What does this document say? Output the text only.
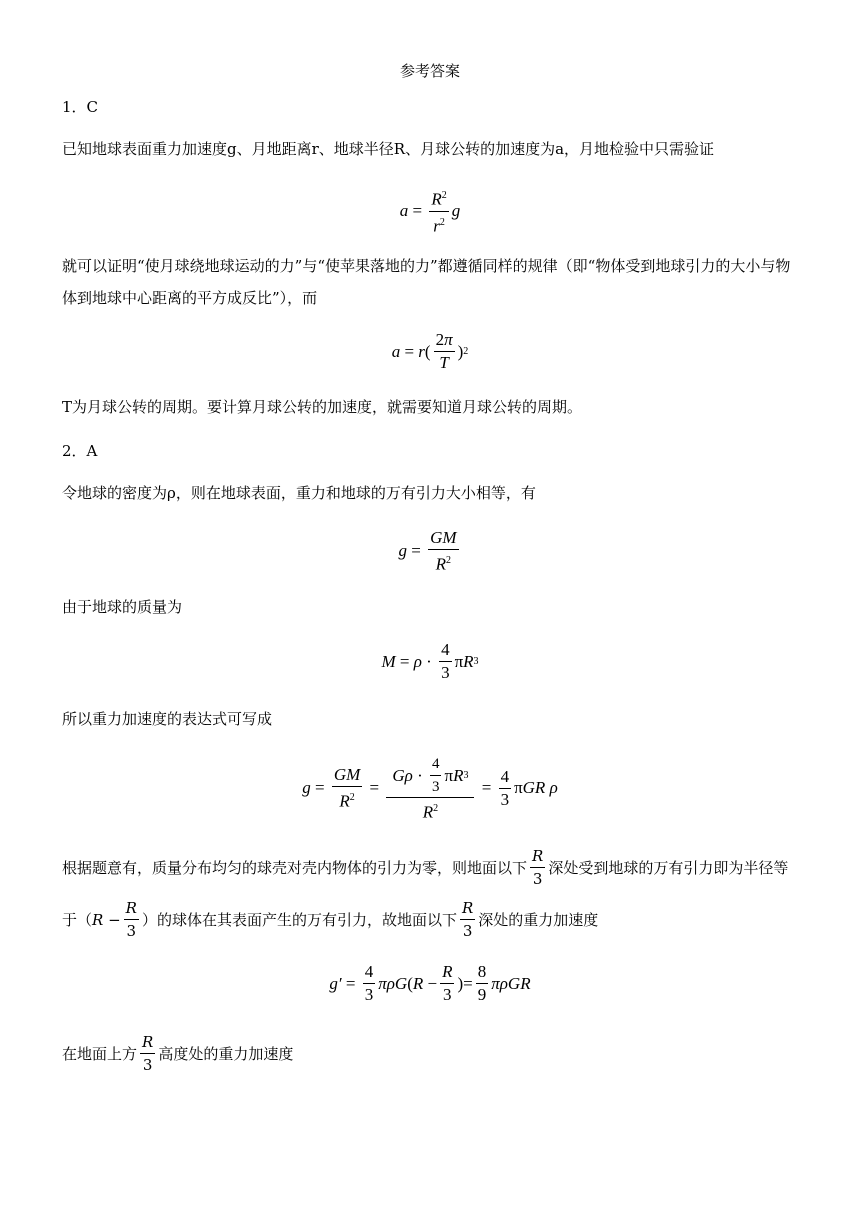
参考答案
1．C
已知地球表面重力加速度g、月地距离r、地球半径R、月球公转的加速度为a，月地检验中只需验证
$a = \frac{R^2}{r^2}$ g
就可以证明“使月球绕地球运动的力”与“使苹果落地的力”都遵循同样的规律（即“物体受到地球引力的大小与物体到地球中心距离的平方成反比”），而
a = r ( $\frac{2\pi}{T}$ ) 2
T为月球公转的周期。要计算月球公转的加速度，就需要知道月球公转的周期。
2．A
令地球的密度为ρ，则在地球表面，重力和地球的万有引力大小相等，有
$g = \frac{GM}{R^2}$
由于地球的质量为
$M = \rho \cdot \frac{4}{3}$ π R 3
所以重力加速度的表达式可写成
$g = \frac{GM}{R^2} = \frac{G\rho \cdot \frac{4}{3} \pi R 3}{R^2} = \frac{4}{3}$ π GR
ρ
根据题意有，质量分布均匀的球壳对壳内物体的引力为零，则地面以下 $\frac{R}{3}$ 深处受到地球的万有引力即为半径等
于（ $R - \frac{R}{3}$ ）的球体在其表面产生的万有引力，故地面以下 $\frac{R}{3}$ 深处的重力加速度
$g' = \frac{4}{3}$ πρG ( $R - \frac{R}{3}$ )= $\frac{8}{9}$ πρGR
在地面上方 $\frac{R}{3}$ 高度处的重力加速度
